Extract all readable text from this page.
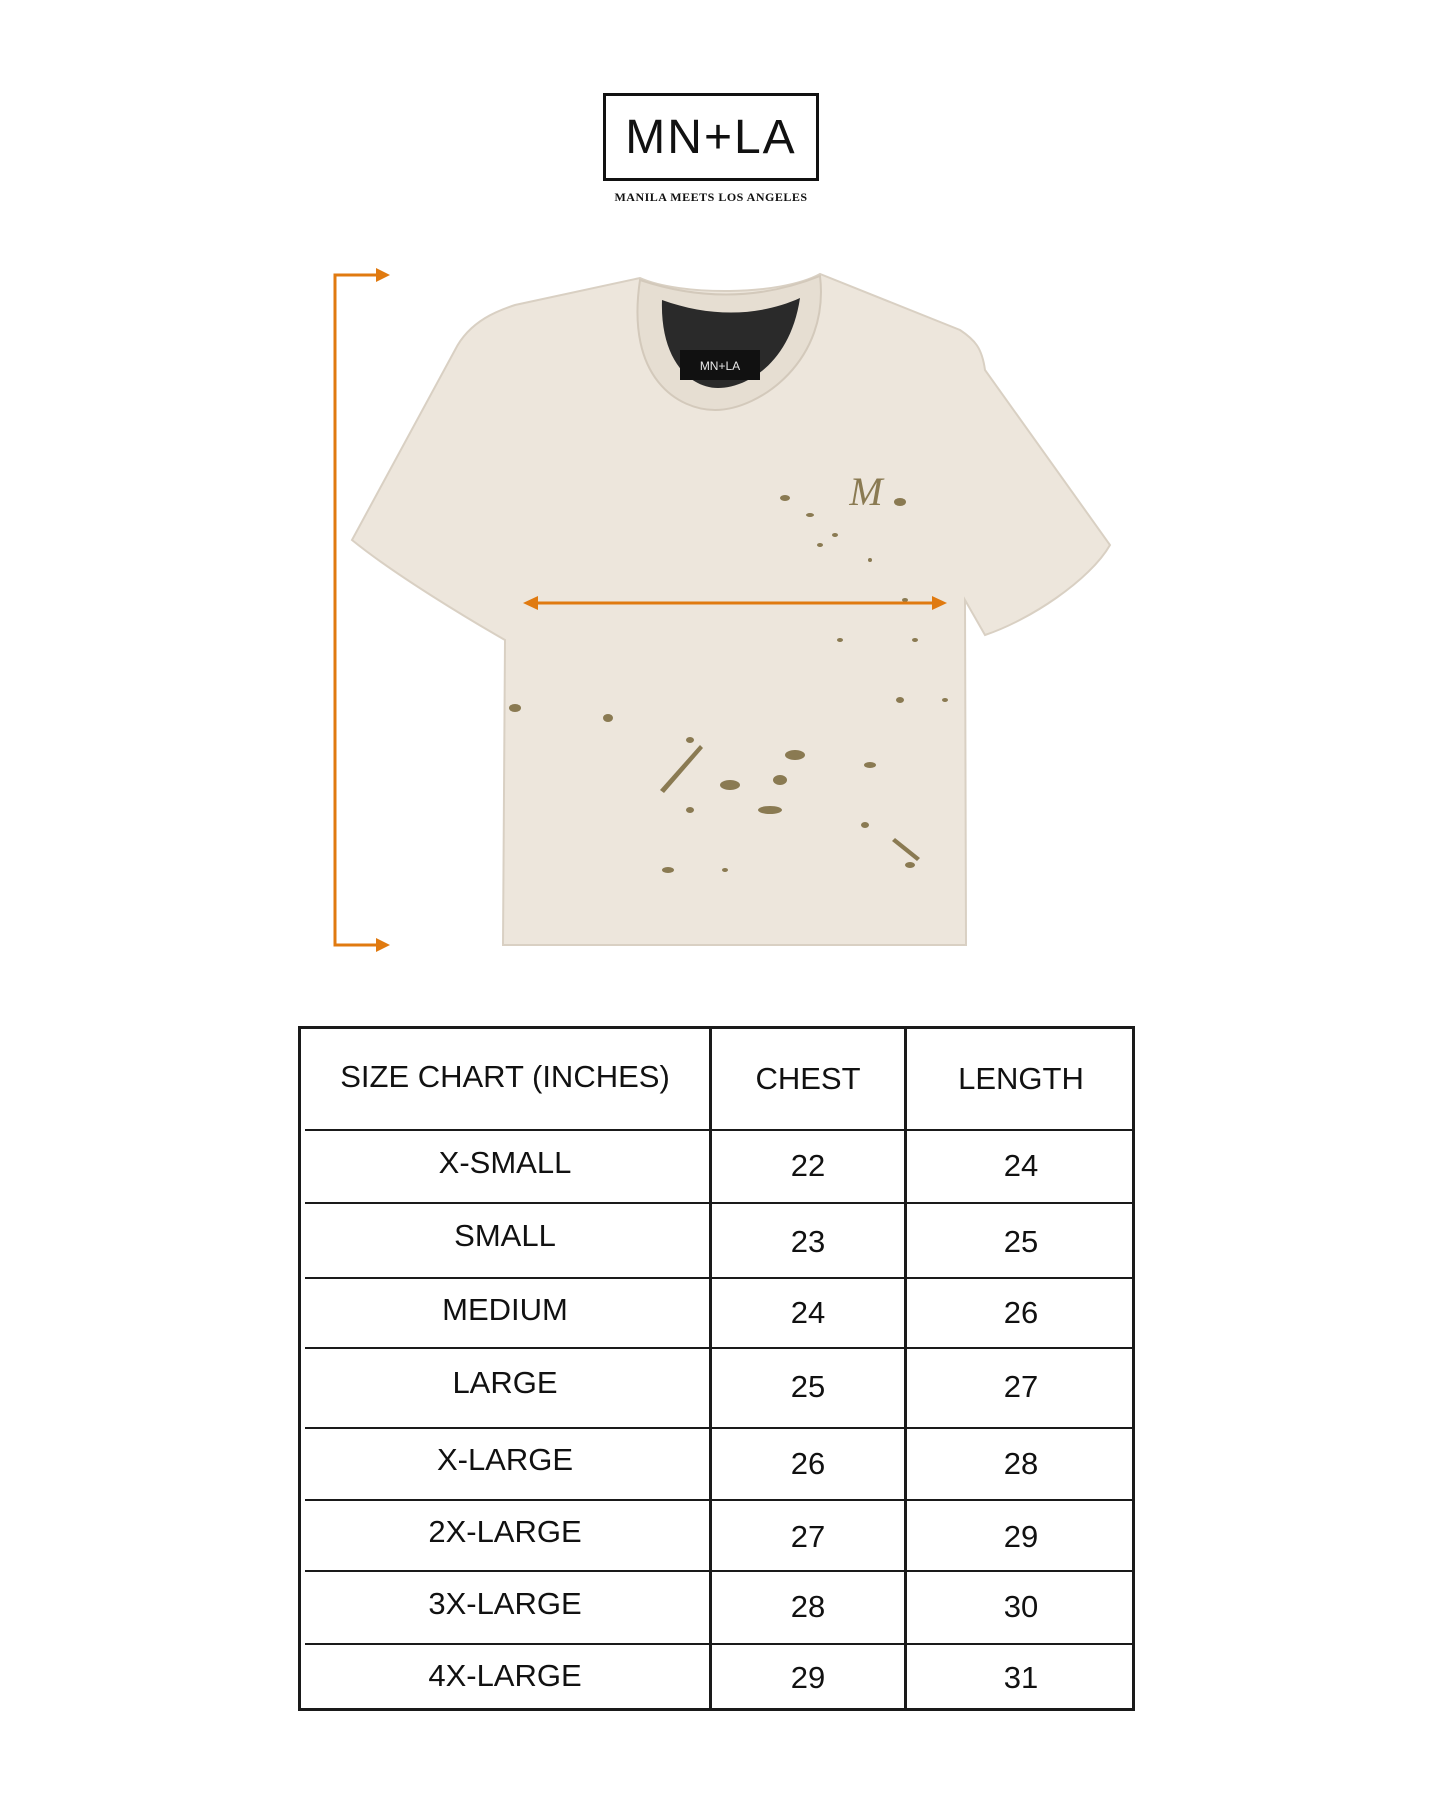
MN+LA
MANILA MEETS LOS ANGELES
MN+LA
M
SIZE CHART (INCHES)	CHEST	LENGTH
X-SMALL	22	24
SMALL	23	25
MEDIUM	24	26
LARGE	25	27
X-LARGE	26	28
2X-LARGE	27	29
3X-LARGE	28	30
4X-LARGE	29	31
